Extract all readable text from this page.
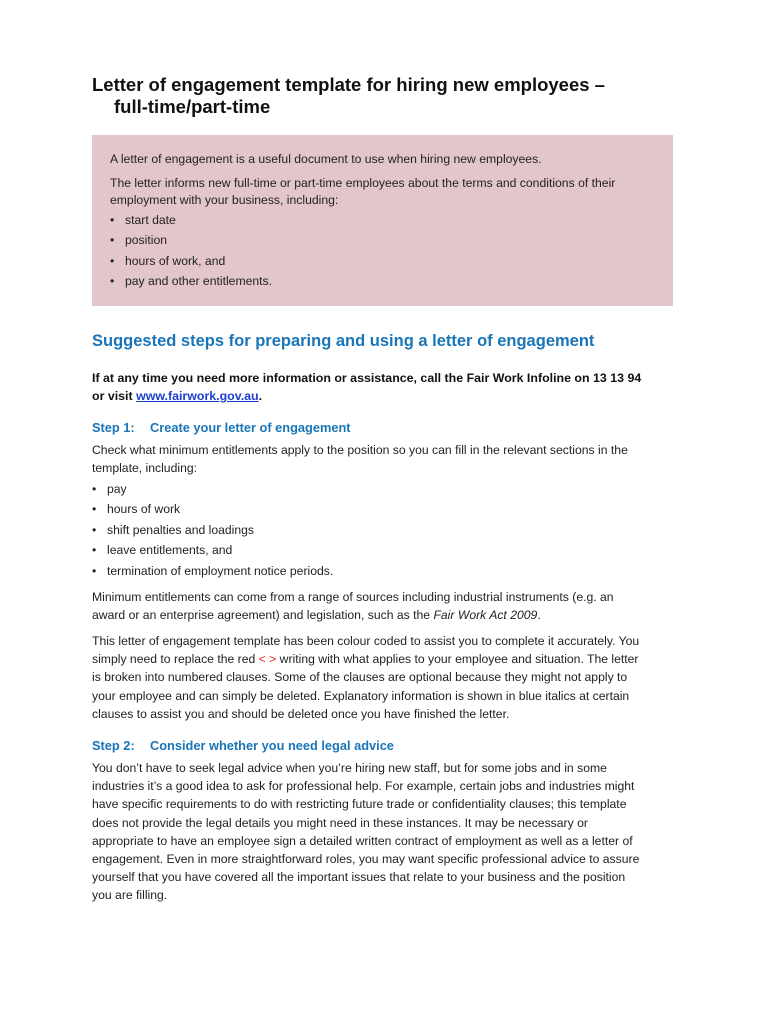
Letter of engagement template for hiring new employees –
full-time/part-time

A letter of engagement is a useful document to use when hiring new employees.

The letter informs new full-time or part-time employees about the terms and conditions of their

employment with your business, including:

• start date
• position
• hours of work, and
• pay and other entitlements.
Suggested steps for preparing and using a letter of engagement
If at any time you need more information or assistance, call the Fair Work Infoline on 13 13 94
or visit www.fairwork.gov.au.
Step 1: Create your letter of engagement
Check what minimum entitlements apply to the position so you can fill in the relevant sections in the
template, including:
• pay
• hours of work
• shift penalties and loadings
• leave entitlements, and
• termination of employment notice periods.
Minimum entitlements can come from a range of sources including industrial instruments (e.g. an
award or an enterprise agreement) and legislation, such as the Fair Work Act 2009.
This letter of engagement template has been colour coded to assist you to complete it accurately. You
simply need to replace the red < > writing with what applies to your employee and situation. The letter
is broken into numbered clauses. Some of the clauses are optional because they might not apply to
your employee and can simply be deleted. Explanatory information is shown in blue italics at certain
clauses to assist you and should be deleted once you have finished the letter.
Step 2: Consider whether you need legal advice
You don’t have to seek legal advice when you’re hiring new staff, but for some jobs and in some
industries it’s a good idea to ask for professional help. For example, certain jobs and industries might
have specific requirements to do with restricting future trade or confidentiality clauses; this template
does not provide the legal details you might need in these instances. It may be necessary or
appropriate to have an employee sign a detailed written contract of employment as well as a letter of
engagement. Even in more straightforward roles, you may want specific professional advice to assure
yourself that you have covered all the important issues that relate to your business and the position
you are filling.
